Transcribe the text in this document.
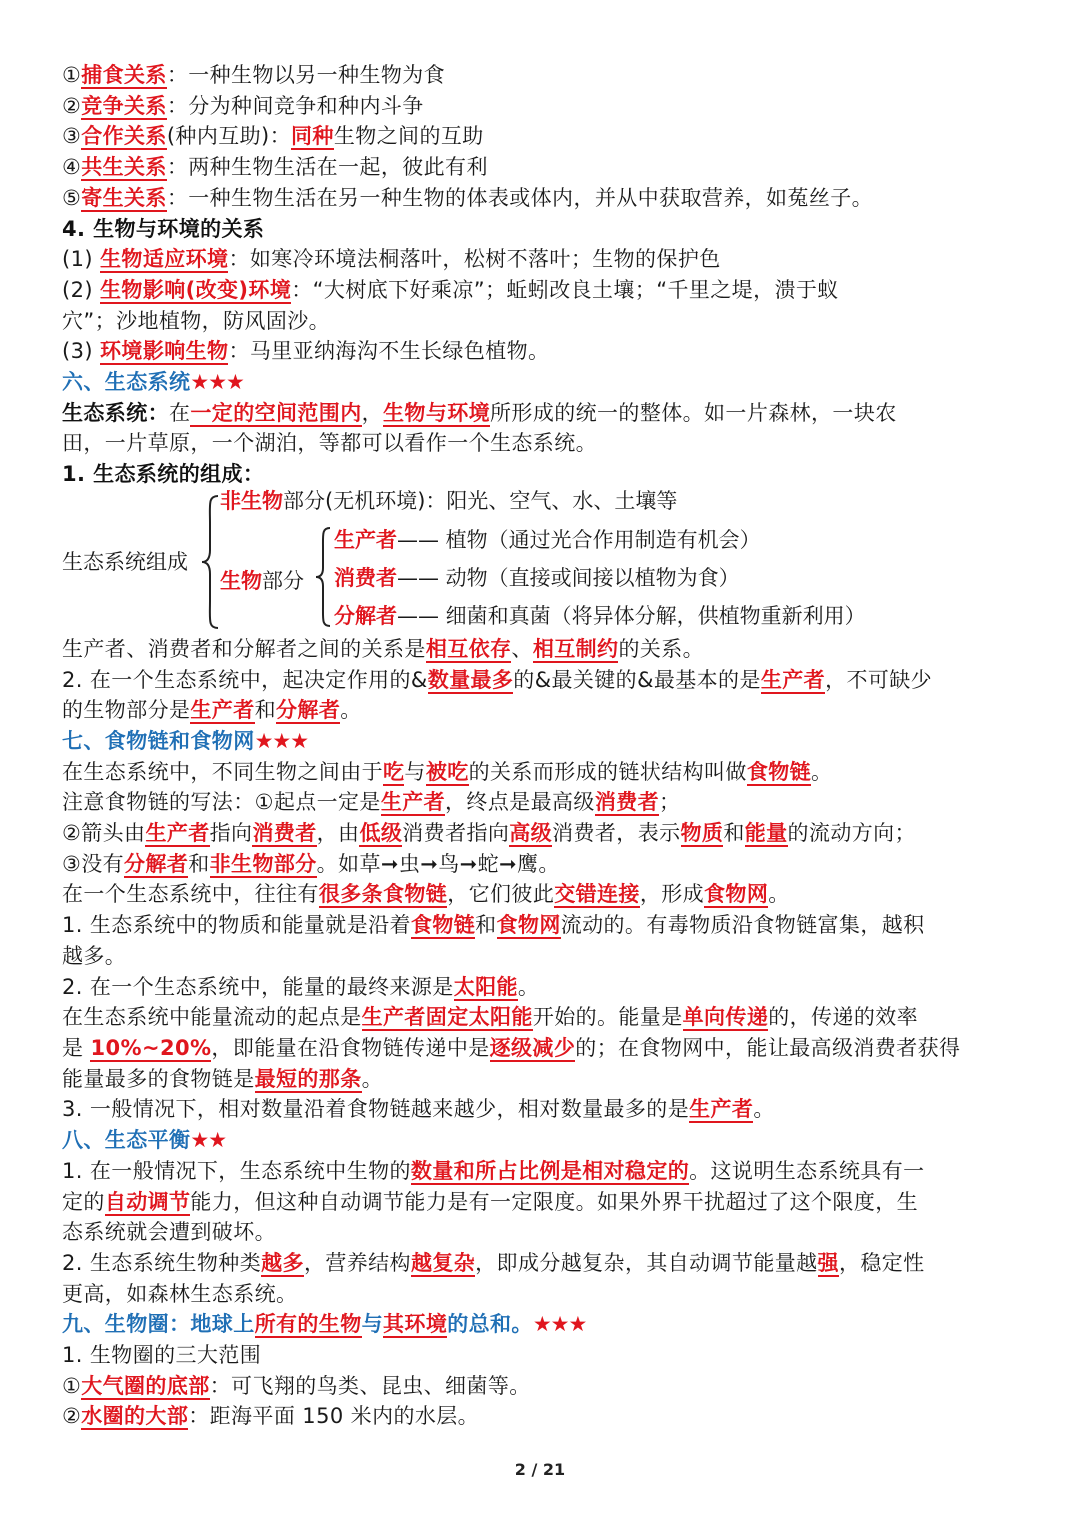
①捕食关系：一种生物以另一种生物为食
②竞争关系：分为种间竞争和种内斗争
③合作关系(种内互助)：同种生物之间的互助
④共生关系：两种生物生活在一起，彼此有利
⑤寄生关系：一种生物生活在另一种生物的体表或体内，并从中获取营养，如菟丝子。
4. 生物与环境的关系
(1) 生物适应环境：如寒冷环境法桐落叶，松树不落叶；生物的保护色
(2) 生物影响(改变)环境：“大树底下好乘凉”；蚯蚓改良土壤；“千里之堤，溃于蚁
穴”；沙地植物，防风固沙。
(3) 环境影响生物：马里亚纳海沟不生长绿色植物。
六、生态系统★★★
生态系统：在一定的空间范围内，生物与环境所形成的统一的整体。如一片森林，一块农
田，一片草原，一个湖泊，等都可以看作一个生态系统。
1. 生态系统的组成：
生态系统组成
非生物部分(无机环境)：阳光、空气、水、土壤等
生物部分
生产者—— 植物（通过光合作用制造有机会）
消费者—— 动物（直接或间接以植物为食）
分解者—— 细菌和真菌（将异体分解，供植物重新利用）
生产者、消费者和分解者之间的关系是相互依存、相互制约的关系。
2. 在一个生态系统中，起决定作用的&数量最多的&最关键的&最基本的是生产者，不可缺少
的生物部分是生产者和分解者。
七、食物链和食物网★★★
在生态系统中，不同生物之间由于吃与被吃的关系而形成的链状结构叫做食物链。
注意食物链的写法：①起点一定是生产者，终点是最高级消费者；
②箭头由生产者指向消费者，由低级消费者指向高级消费者，表示物质和能量的流动方向；
③没有分解者和非生物部分。如草➞虫➞鸟➞蛇➞鹰。
在一个生态系统中，往往有很多条食物链，它们彼此交错连接，形成食物网。
1. 生态系统中的物质和能量就是沿着食物链和食物网流动的。有毒物质沿食物链富集，越积
越多。
2. 在一个生态系统中，能量的最终来源是太阳能。
在生态系统中能量流动的起点是生产者固定太阳能开始的。能量是单向传递的，传递的效率
是 10%~20%，即能量在沿食物链传递中是逐级减少的；在食物网中，能让最高级消费者获得
能量最多的食物链是最短的那条。
3. 一般情况下，相对数量沿着食物链越来越少，相对数量最多的是生产者。
八、生态平衡★★
1. 在一般情况下，生态系统中生物的数量和所占比例是相对稳定的。这说明生态系统具有一
定的自动调节能力，但这种自动调节能力是有一定限度。如果外界干扰超过了这个限度，生
态系统就会遭到破坏。
2. 生态系统生物种类越多，营养结构越复杂，即成分越复杂，其自动调节能量越强，稳定性
更高，如森林生态系统。
九、生物圈：地球上所有的生物与其环境的总和。★★★
1. 生物圈的三大范围
①大气圈的底部：可飞翔的鸟类、昆虫、细菌等。
②水圈的大部：距海平面 150 米内的水层。
2 / 21
